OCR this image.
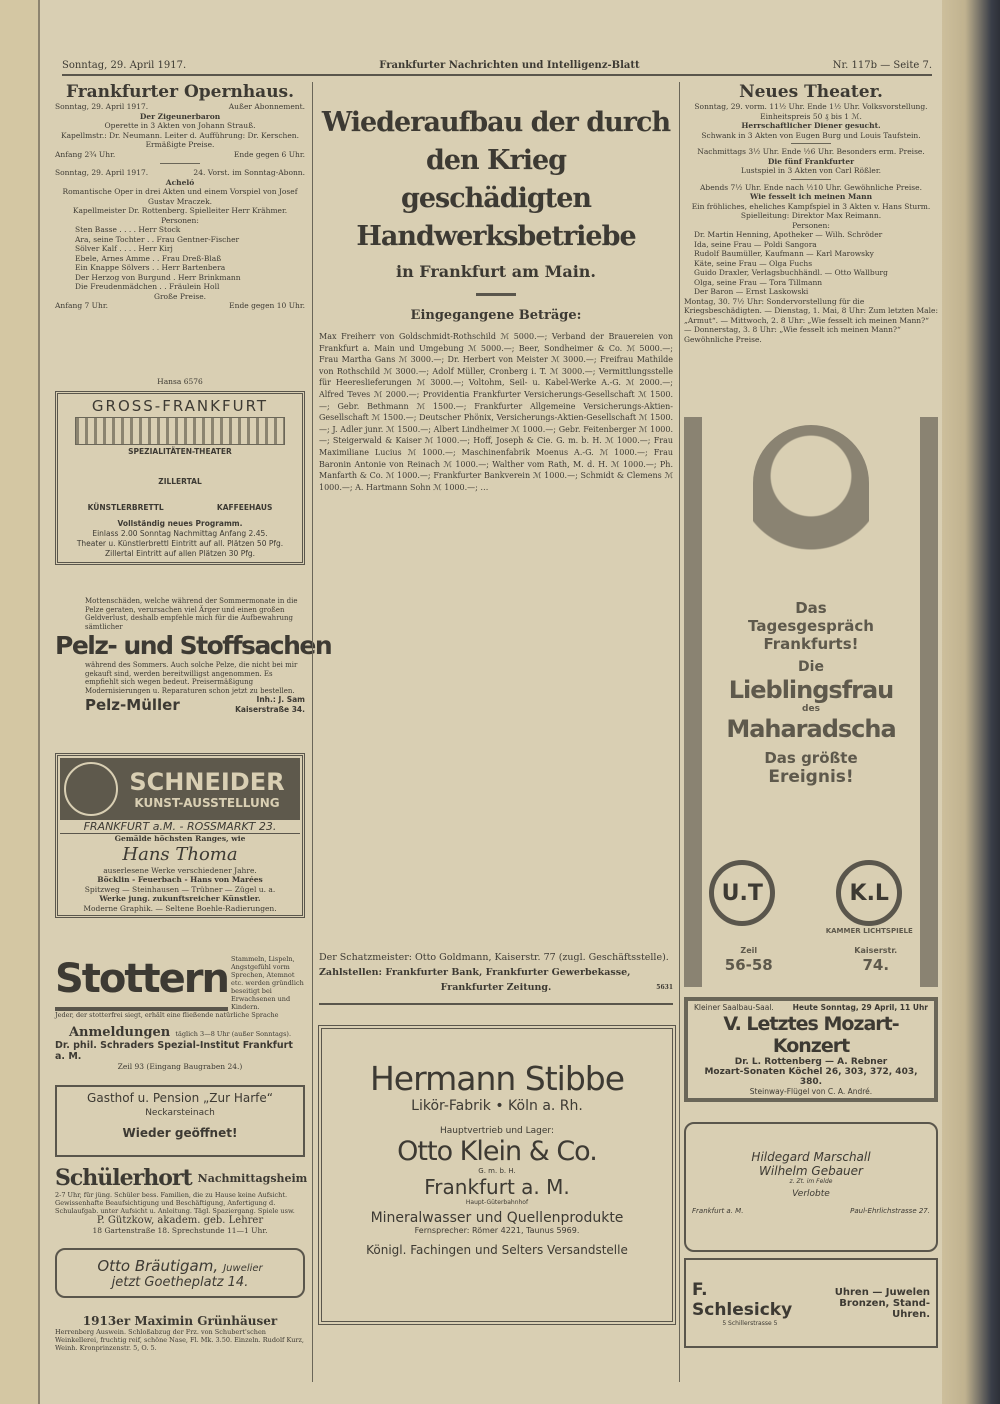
Sonntag, 29. April 1917.	Frankfurter Nachrichten und Intelligenz-Blatt	Nr. 117b — Seite 7.
Frankfurter Opernhaus.
Sonntag, 29. April 1917.	Außer Abonnement.
Der Zigeunerbaron
Operette in 3 Akten von Johann Strauß.
Kapellmstr.: Dr. Neumann. Leiter d. Aufführung: Dr. Kerschen.
Ermäßigte Preise.
Anfang 2¾ Uhr.	Ende gegen 6 Uhr.
Sonntag, 29. April 1917.	24. Vorst. im Sonntag-Abonn.
Acheló
Romantische Oper in drei Akten und einem Vorspiel von Josef Gustav Mraczek.
Kapellmeister Dr. Rottenberg. Spielleiter Herr Krähmer.
Personen:
Sten Basse . . . . Herr Stock
Ara, seine Tochter . . Frau Gentner-Fischer
Sölver Kalf . . . . Herr Kirj
Ebele, Arnes Amme . . Frau Dreß-Blaß
Ein Knappe Sölvers . . Herr Bartenbera
Der Herzog von Burgund . Herr Brinkmann
Die Freudenmädchen . . Fräulein Holl
Große Preise.
Anfang 7 Uhr.	Ende gegen 10 Uhr.
Hansa 6576
GROSS-FRANKFURT
SPEZIALITÄTEN-THEATER
ZILLERTAL
KÜNSTLERBRETTL	KAFFEEHAUS
Vollständig neues Programm.
Einlass 2.00 Sonntag Nachmittag Anfang 2.45.
Theater u. Künstlerbrettl Eintritt auf all. Plätzen 50 Pfg.
Zillertal Eintritt auf allen Plätzen 30 Pfg.
Mottenschäden, welche während der Sommermonate in die Pelze geraten, verursachen viel Ärger und einen großen Geldverlust, deshalb empfehle mich für die Aufbewahrung sämtlicher
Pelz- und Stoffsachen
während des Sommers. Auch solche Pelze, die nicht bei mir gekauft sind, werden bereitwilligst angenommen. Es empfiehlt sich wegen bedeut. Preisermäßigung Modernisierungen u. Reparaturen schon jetzt zu bestellen.
Pelz-Müller	Inh.: J. Sam
Kaiserstraße 34.
SCHNEIDER
KUNST-AUSSTELLUNG
FRANKFURT a.M. - ROSSMARKT 23.
Gemälde höchsten Ranges, wie
Hans Thoma
auserlesene Werke verschiedener Jahre.
Böcklin - Feuerbach - Hans von Marées
Spitzweg — Steinhausen — Trübner — Zügel u. a.
Werke jung. zukunftsreicher Künstler.
Moderne Graphik. — Seltene Boehle-Radierungen.
Stottern Stammeln, Lispeln, Angstgefühl vorm Sprechen, Atemnot etc. werden gründlich beseitigt bei Erwachsenen und Kindern.
Jeder, der stotterfrei siegt, erhält eine fließende natürliche Sprache
Anmeldungen täglich 3—8 Uhr (außer Sonntags).
Dr. phil. Schraders Spezial-Institut Frankfurt a. M.
Zeil 93 (Eingang Baugraben 24.)
Gasthof u. Pension „Zur Harfe“
Neckarsteinach
Wieder geöffnet!
Schülerhort Nachmittagsheim
2-7 Uhr, für jüng. Schüler bess. Familien, die zu Hause keine Aufsicht. Gewissenhafte Beaufsichtigung und Beschäftigung, Anfertigung d. Schulaufgab. unter Aufsicht u. Anleitung. Tägl. Spaziergang. Spiele usw.
P. Gützkow, akadem. geb. Lehrer
18 Gartenstraße 18. Sprechstunde 11—1 Uhr.
Otto Bräutigam, Juwelier
jetzt Goetheplatz 14.
1913er Maximin Grünhäuser
Herrenberg Auswein. Schloßabzug der Frz. von Schubert'schen Weinkellerei, fruchtig reif, schöne Nase, Fl. Mk. 3.50. Einzeln. Rudolf Kurz, Weinh. Kronprinzenstr. 5, O. 5.
Wiederaufbau der durch den Krieg
geschädigten Handwerksbetriebe
in Frankfurt am Main.
Eingegangene Beträge:
Max Freiherr von Goldschmidt-Rothschild ℳ 5000.—; Verband der Brauereien von Frankfurt a. Main und Umgebung ℳ 5000.—; Beer, Sondheimer & Co. ℳ 5000.—; Frau Martha Gans ℳ 3000.—; Dr. Herbert von Meister ℳ 3000.—; Freifrau Mathilde von Rothschild ℳ 3000.—; Adolf Müller, Cronberg i. T. ℳ 3000.—; Vermittlungsstelle für Heereslieferungen ℳ 3000.—; Voltohm, Seil- u. Kabel-Werke A.-G. ℳ 2000.—; Alfred Teves ℳ 2000.—; Providentia Frankfurter Versicherungs-Gesellschaft ℳ 1500.—; Gebr. Bethmann ℳ 1500.—; Frankfurter Allgemeine Versicherungs-Aktien-Gesellschaft ℳ 1500.—; Deutscher Phönix, Versicherungs-Aktien-Gesellschaft ℳ 1500.—; J. Adler junr. ℳ 1500.—; Albert Lindheimer ℳ 1000.—; Gebr. Feitenberger ℳ 1000.—; Steigerwald & Kaiser ℳ 1000.—; Hoff, Joseph & Cie. G. m. b. H. ℳ 1000.—; Frau Maximiliane Lucius ℳ 1000.—; Maschinenfabrik Moenus A.-G. ℳ 1000.—; Frau Baronin Antonie von Reinach ℳ 1000.—; Walther vom Rath, M. d. H. ℳ 1000.—; Ph. Manfarth & Co. ℳ 1000.—; Frankfurter Bankverein ℳ 1000.—; Schmidt & Clemens ℳ 1000.—; A. Hartmann Sohn ℳ 1000.—; …
Der Schatzmeister: Otto Goldmann, Kaiserstr. 77 (zugl. Geschäftsstelle).
Zahlstellen: Frankfurter Bank, Frankfurter Gewerbekasse,
Frankfurter Zeitung.	5631
Hermann Stibbe
Likör-Fabrik • Köln a. Rh.
Hauptvertrieb und Lager:
Otto Klein & Co.
G. m. b. H.
Frankfurt a. M.
Haupt-Güterbahnhof
Mineralwasser und Quellenprodukte
Fernsprecher: Römer 4221, Taunus 5969.
Königl. Fachingen und Selters Versandstelle
Neues Theater.
Sonntag, 29. vorm. 11½ Uhr. Ende 1½ Uhr. Volksvorstellung.
Einheitspreis 50 ₰ bis 1 ℳ.
Herrschaftlicher Diener gesucht.
Schwank in 3 Akten von Eugen Burg und Louis Taufstein.
Nachmittags 3½ Uhr. Ende ½6 Uhr. Besonders erm. Preise.
Die fünf Frankfurter
Lustspiel in 3 Akten von Carl Rößler.
Abends 7½ Uhr. Ende nach ½10 Uhr. Gewöhnliche Preise.
Wie fesselt ich meinen Mann
Ein fröhliches, eheliches Kampfspiel in 3 Akten v. Hans Sturm. Spielleitung: Direktor Max Reimann.
Personen:
Dr. Martin Henning, Apotheker — Wilh. Schröder
Ida, seine Frau — Poldi Sangora
Rudolf Baumüller, Kaufmann — Karl Marowsky
Käte, seine Frau — Olga Fuchs
Guido Draxler, Verlagsbuchhändl. — Otto Wallburg
Olga, seine Frau — Tora Tillmann
Der Baron — Ernst Laskowski
Montag, 30. 7½ Uhr: Sondervorstellung für die Kriegsbeschädigten. — Dienstag, 1. Mai, 8 Uhr: Zum letzten Male: „Armut“. — Mittwoch, 2. 8 Uhr: „Wie fesselt ich meinen Mann?“ — Donnerstag, 3. 8 Uhr: „Wie fesselt ich meinen Mann?“ Gewöhnliche Preise.
Das
Tagesgespräch
Frankfurts!
Die
Lieblingsfrau
des
Maharadscha
Das größte
Ereignis!
U.T	K.L
KAMMER LICHTSPIELE
Zeil
56-58
Kaiserstr.
74.
Kleiner Saalbau-Saal.	Heute Sonntag, 29 April, 11 Uhr
V. Letztes Mozart-Konzert
Dr. L. Rottenberg — A. Rebner
Mozart-Sonaten Köchel 26, 303, 372, 403, 380.
Steinway-Flügel von C. A. André.
Hildegard Marschall
Wilhelm Gebauer
z. Zt. im Felde
Verlobte
Frankfurt a. M.	Paul-Ehrlichstrasse 27.
F. Schlesicky
5 Schillerstrasse 5
Uhren — Juwelen
Bronzen, Stand-Uhren.
